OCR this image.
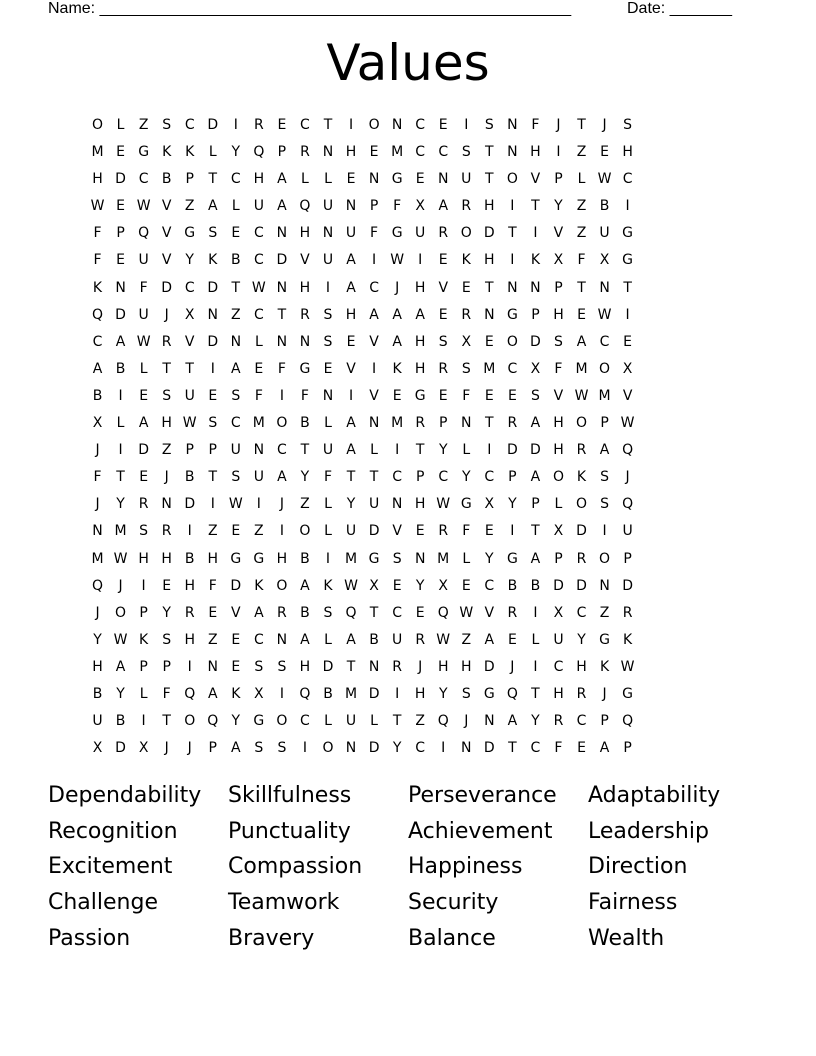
Name: _____________________________________________________	Date: _______
Values
O L	Z S C D	I	R E C T	I	O N C E	I	S N F	J	T	J	S
M E G K K	L	Y Q P R N H E M C C S	T N H	I	Z E H
H D C B	P	T C H A	L	L	E N G E N U T O V	P	L W C
W E W V Z A	L	U A Q U N P	F	X A R H	I	T	Y Z B	I
F	P Q V G S	E C N H N U F G U R O D T	I	V Z U G
F	E U V Y	K B C D V U A	I	W	I	E	K H	I	K X	F	X G
K N F D C D T W N H	I	A C	J	H V E	T N N P	T N T
Q D U	J	X N Z C T R S H A A A E R N G P H E W	I
C A W R V D N L N N S	E V A H S X E O D S A C E
A B	L	T	T	I	A E	F G E V	I	K H R S M C X	F M O X
B	I	E	S U E	S	F	I	F N	I	V E G E	F	E	E	S V W M V
X	L	A H W S C M O B	L	A N M R P N T R A H O P W
J	I	D Z	P	P U N C T U A	L	I	T	Y	L	I	D D H R A Q
F	T	E	J	B T	S U A Y	F	T	T C P C Y C P	A O K	S	J
J	Y R N D	I	W	I	J	Z	L	Y U N H W G X Y	P	L O S Q
N M S R	I	Z E Z	I	O L	U D V E R	F	E	I	T X D	I	U
M W H H B H G G H B	I	M G S N M L	Y G A	P R O P
Q	J	I	E H F D K O A K W X E	Y X E C B B D D N D
J	O P	Y R E V A R B S Q T C E Q W V R	I	X C Z R
Y W K	S H Z E C N A	L	A B U R W Z A E	L	U Y G K
H A	P	P	I	N E	S	S H D T N R	J	H H D	J	I	C H K W
B Y	L	F Q A K X	I	Q B M D	I	H Y	S G Q T H R	J	G
U B	I	T O Q Y G O C	L	U	L	T Z Q	J	N A Y R C P Q
X D X	J	J	P	A S	S	I	O N D Y C	I	N D T C	F	E A	P
Dependability	Skillfulness	Perseverance	Adaptability
Recognition	Punctuality	Achievement	Leadership
Excitement	Compassion	Happiness	Direction
Challenge	Teamwork	Security	Fairness
Passion	Bravery	Balance	Wealth
